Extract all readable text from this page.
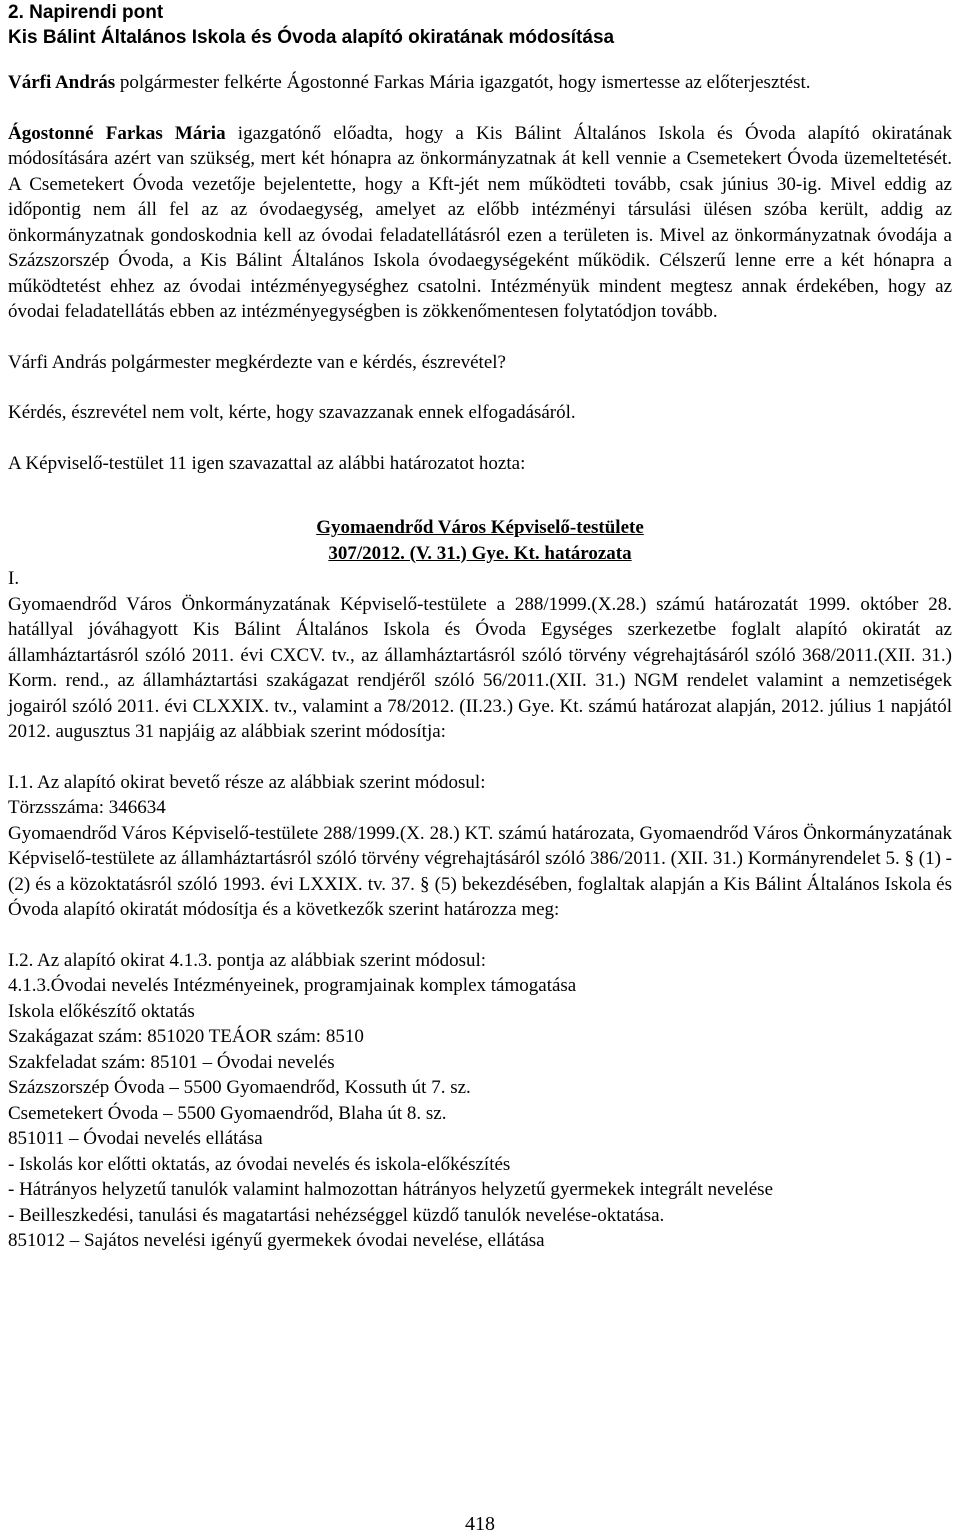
2. Napirendi pont
Kis Bálint Általános Iskola és Óvoda alapító okiratának módosítása

Várfi András polgármester felkérte Ágostonné Farkas Mária igazgatót, hogy ismertesse az előterjesztést.

Ágostonné Farkas Mária igazgatónő előadta, hogy a Kis Bálint Általános Iskola és Óvoda alapító okiratának módosítására azért van szükség, mert két hónapra az önkormányzatnak át kell vennie a Csemetekert Óvoda üzemeltetését. A Csemetekert Óvoda vezetője bejelentette, hogy a Kft-jét nem működteti tovább, csak június 30-ig. Mivel eddig az időpontig nem áll fel az az óvodaegység, amelyet az előbb intézményi társulási ülésen szóba került, addig az önkormányzatnak gondoskodnia kell az óvodai feladatellátásról ezen a területen is. Mivel az önkormányzatnak óvodája a Százszorszép Óvoda, a Kis Bálint Általános Iskola óvodaegységeként működik. Célszerű lenne erre a két hónapra a működtetést ehhez az óvodai intézményegységhez csatolni. Intézményük mindent megtesz annak érdekében, hogy az óvodai feladatellátás ebben az intézményegységben is zökkenőmentesen folytatódjon tovább.

Várfi András polgármester megkérdezte van e kérdés, észrevétel?

Kérdés, észrevétel nem volt, kérte, hogy szavazzanak ennek elfogadásáról.

A Képviselő-testület 11 igen szavazattal az alábbi határozatot hozta:

Gyomaendrőd Város Képviselő-testülete
307/2012. (V. 31.) Gye. Kt. határozata

I.

Gyomaendrőd Város Önkormányzatának Képviselő-testülete a 288/1999.(X.28.) számú határozatát 1999. október 28. hatállyal jóváhagyott Kis Bálint Általános Iskola és Óvoda Egységes szerkezetbe foglalt alapító okiratát az államháztartásról szóló 2011. évi CXCV. tv., az államháztartásról szóló törvény végrehajtásáról szóló 368/2011.(XII. 31.) Korm. rend., az államháztartási szakágazat rendjéről szóló 56/2011.(XII. 31.) NGM rendelet valamint a nemzetiségek jogairól szóló 2011. évi CLXXIX. tv., valamint a 78/2012. (II.23.) Gye. Kt. számú határozat alapján, 2012. július 1 napjától 2012. augusztus 31 napjáig az alábbiak szerint módosítja:

I.1. Az alapító okirat bevető része az alábbiak szerint módosul:

Törzsszáma: 346634

Gyomaendrőd Város Képviselő-testülete 288/1999.(X. 28.) KT. számú határozata, Gyomaendrőd Város Önkormányzatának Képviselő-testülete az államháztartásról szóló törvény végrehajtásáról szóló 386/2011. (XII. 31.) Kormányrendelet 5. § (1) - (2) és a közoktatásról szóló 1993. évi LXXIX. tv. 37. § (5) bekezdésében, foglaltak alapján a Kis Bálint Általános Iskola és Óvoda alapító okiratát módosítja és a következők szerint határozza meg:

I.2. Az alapító okirat 4.1.3. pontja az alábbiak szerint módosul:

4.1.3.Óvodai nevelés Intézményeinek, programjainak komplex támogatása
Iskola előkészítő oktatás
Szakágazat szám: 851020 TEÁOR szám: 8510
Szakfeladat szám: 85101 – Óvodai nevelés
Százszorszép Óvoda – 5500 Gyomaendrőd, Kossuth út 7. sz.
Csemetekert Óvoda – 5500 Gyomaendrőd, Blaha út 8. sz.
851011 – Óvodai nevelés ellátása
- Iskolás kor előtti oktatás, az óvodai nevelés és iskola-előkészítés
- Hátrányos helyzetű tanulók valamint halmozottan hátrányos helyzetű gyermekek integrált nevelése
- Beilleszkedési, tanulási és magatartási nehézséggel küzdő tanulók nevelése-oktatása.
851012 – Sajátos nevelési igényű gyermekek óvodai nevelése, ellátása
418
